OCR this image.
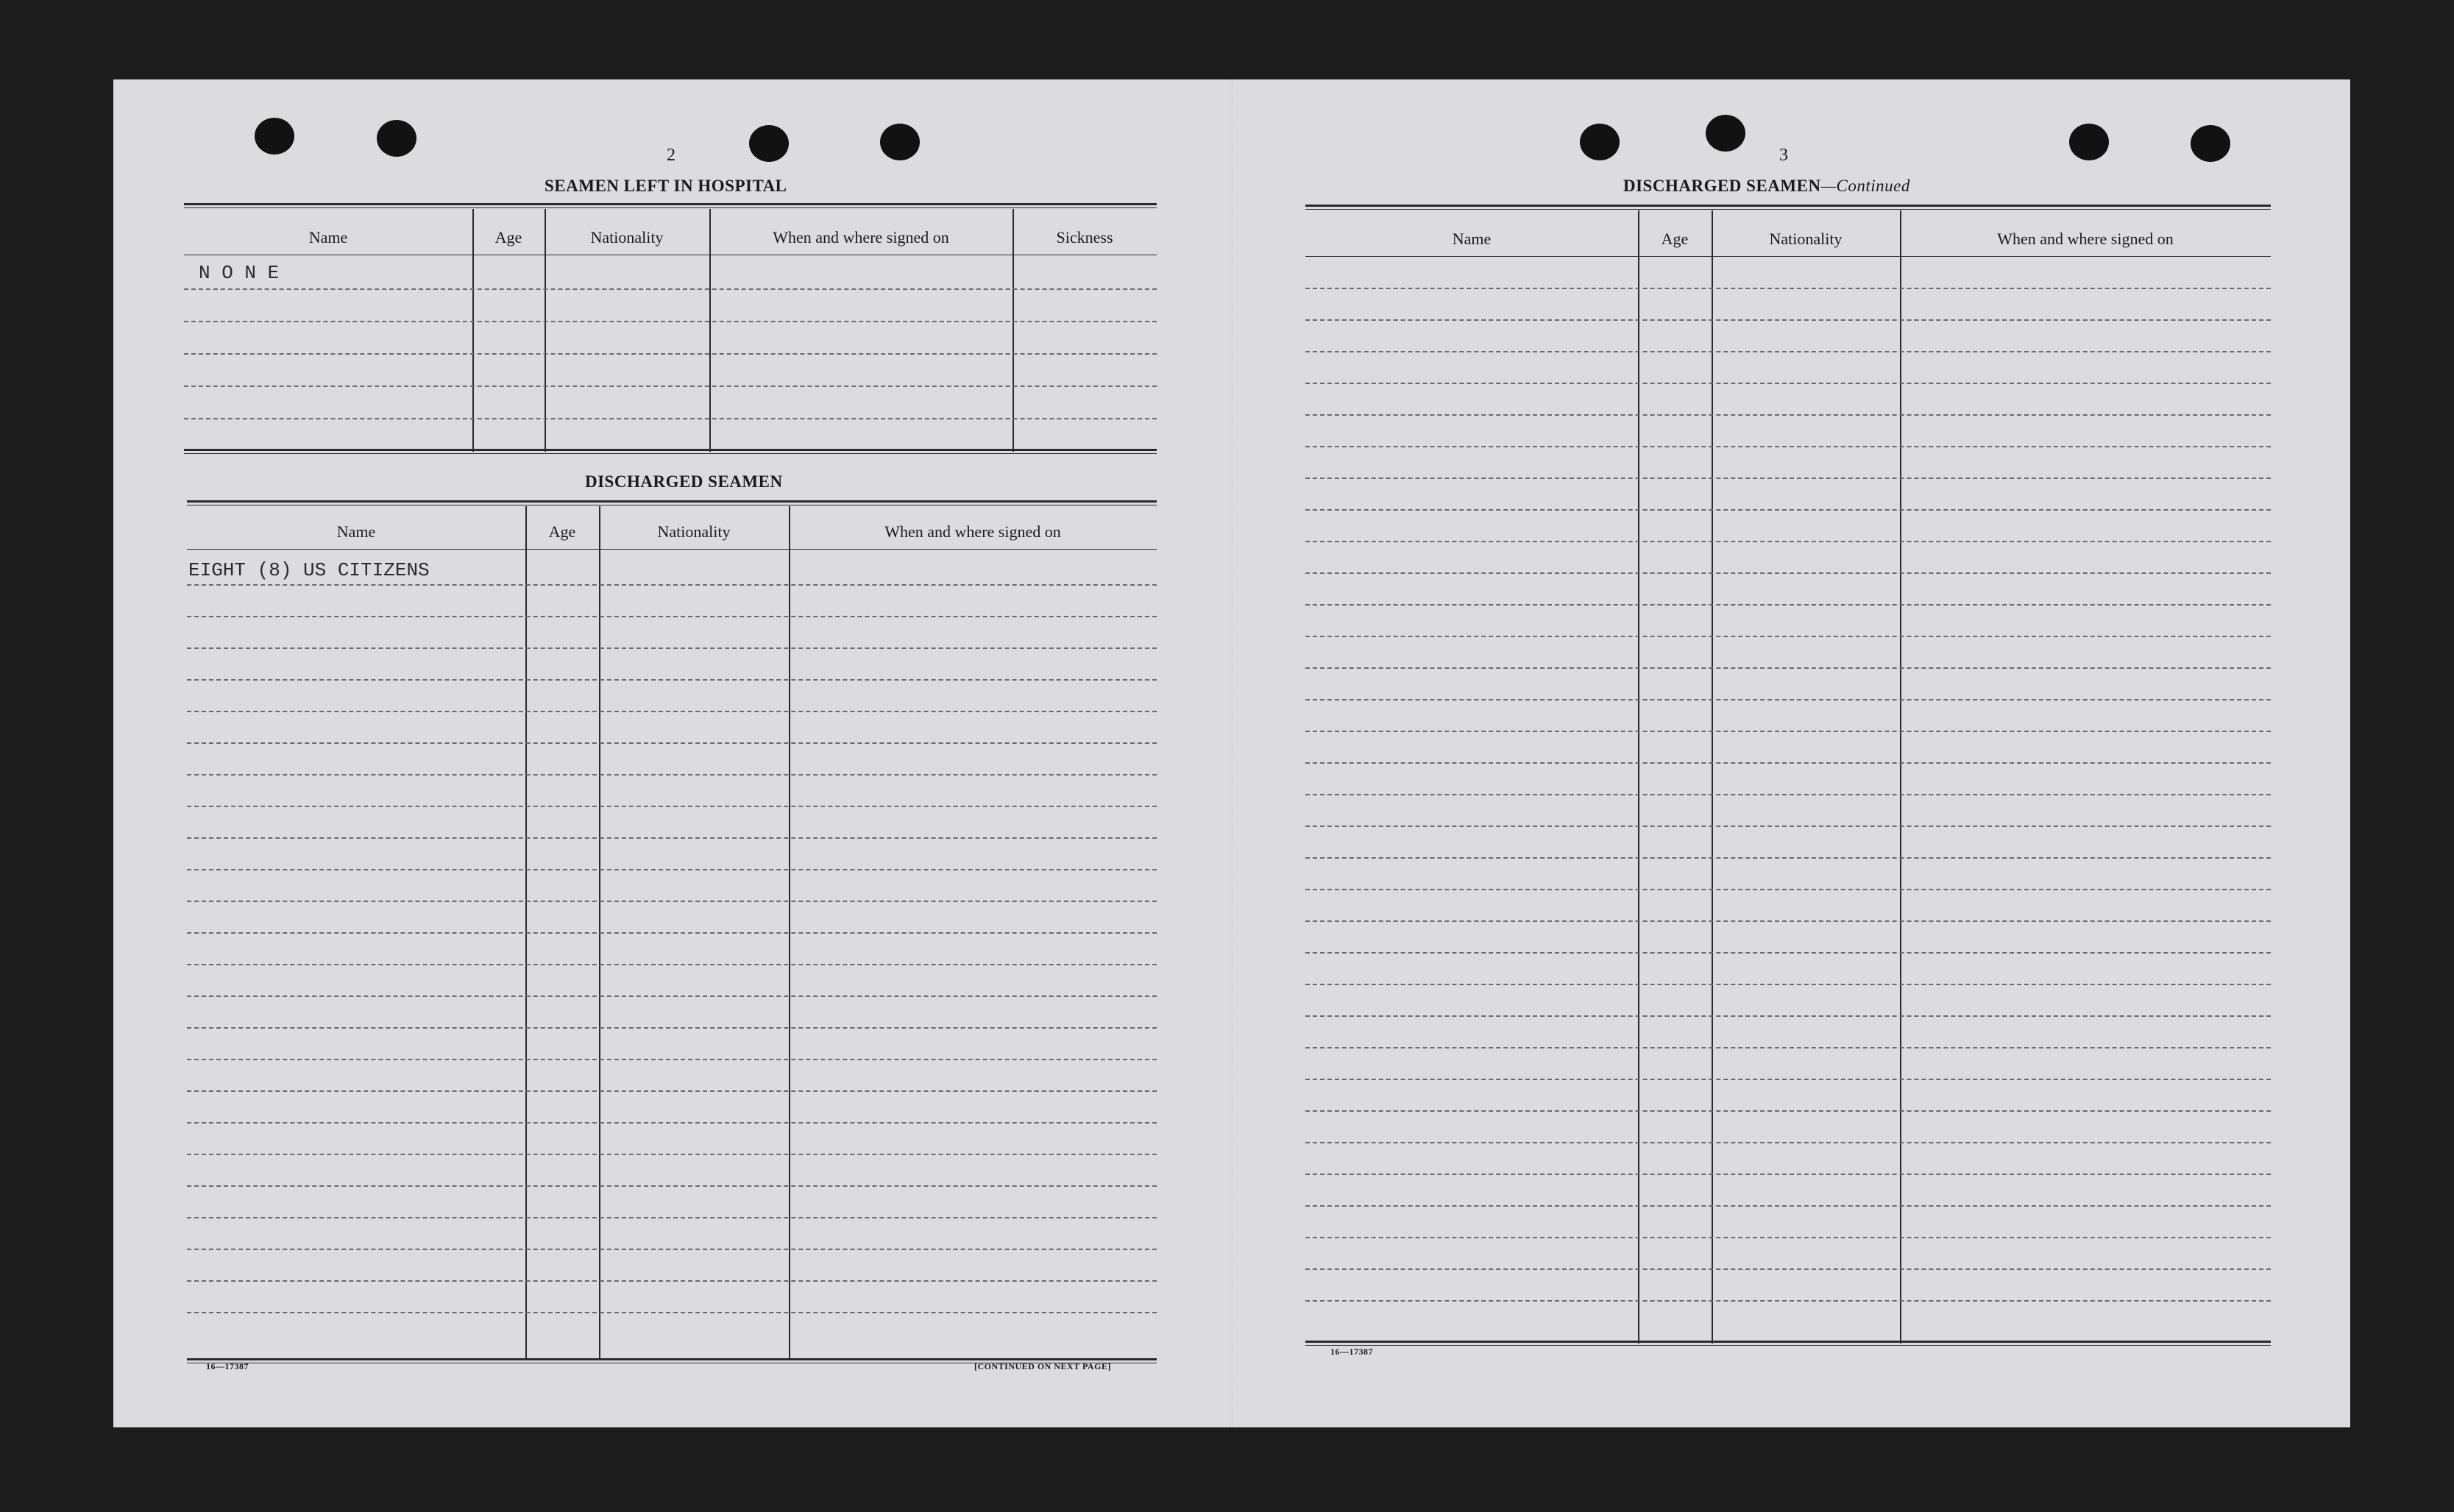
2
SEAMEN LEFT IN HOSPITAL
Name	Age	Nationality	When and where signed on	Sickness
N O N E
DISCHARGED SEAMEN
Name	Age	Nationality	When and where signed on
EIGHT (8) US CITIZENS
16—17387	[CONTINUED ON NEXT PAGE]
3
DISCHARGED SEAMEN—Continued
Name	Age	Nationality	When and where signed on
16—17387
